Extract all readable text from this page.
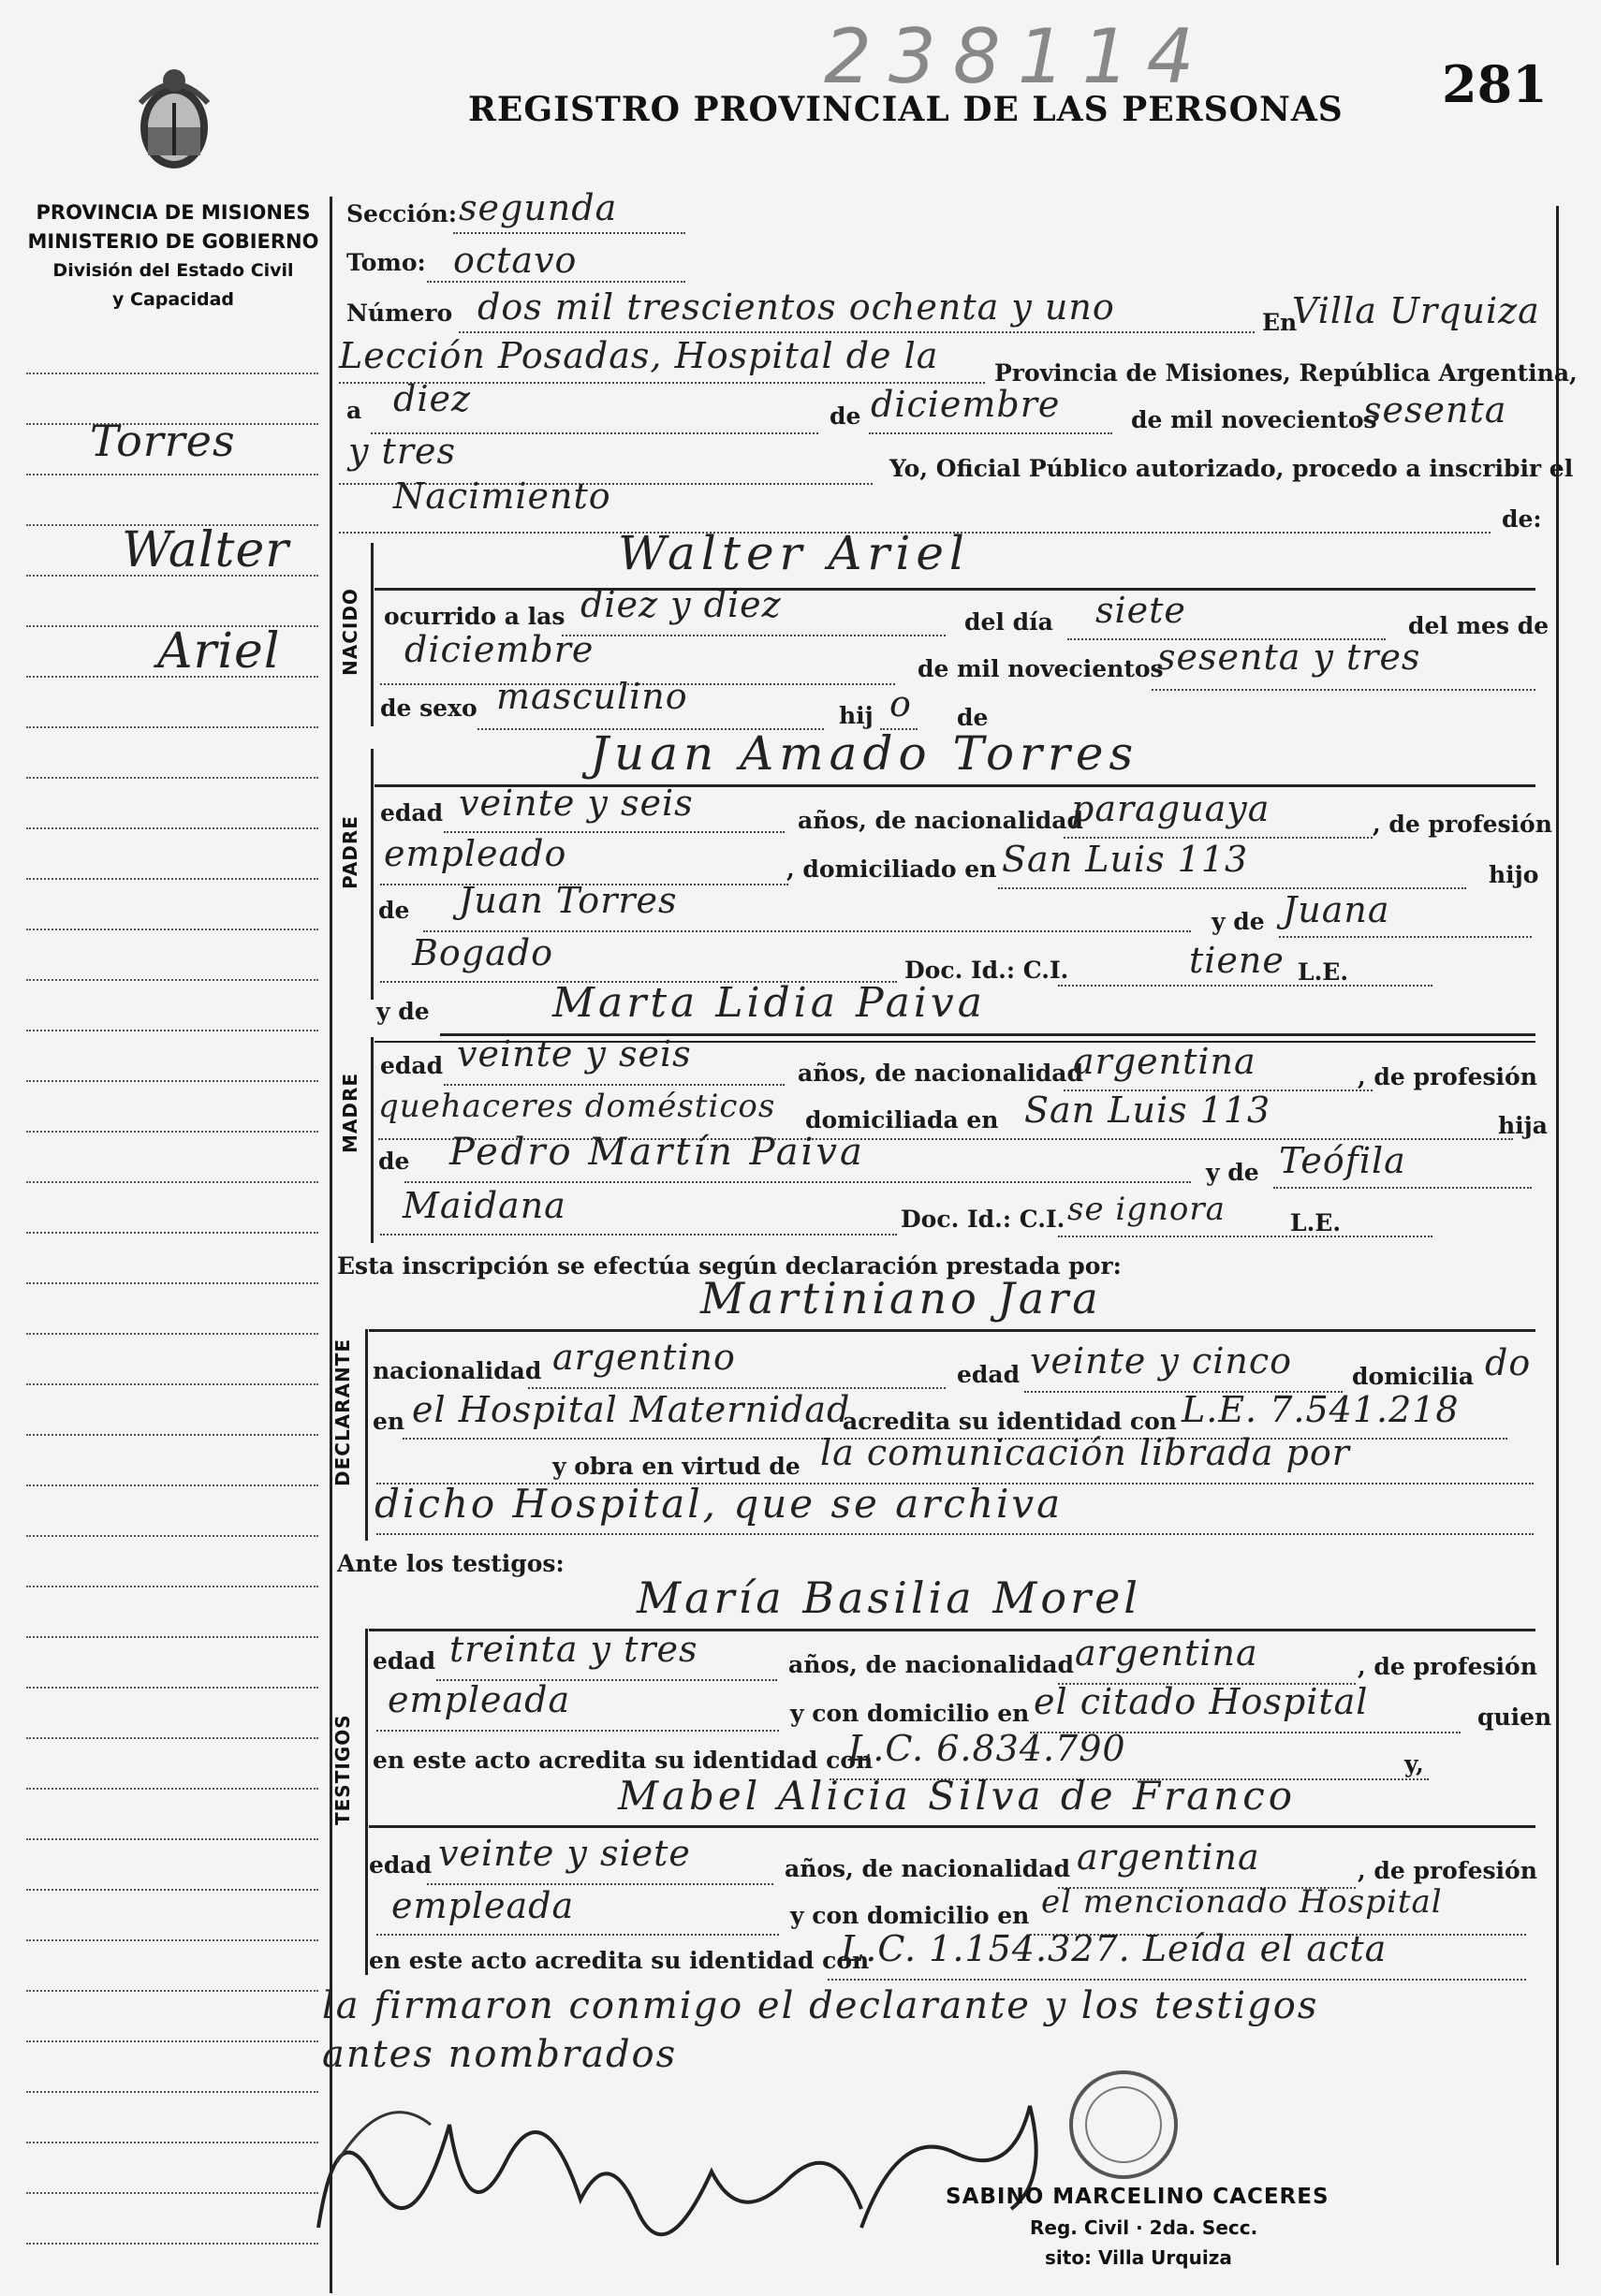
238114
REGISTRO PROVINCIAL DE LAS PERSONAS 281
PROVINCIA DE MISIONES
MINISTERIO DE GOBIERNO
División del Estado Civil
y Capacidad
Torres
Walter
Ariel
Sección: segunda
Tomo: octavo
Número dos mil trescientos ochenta y uno	En
Villa Urquiza
Lección Posadas, Hospital de la Provincia de Misiones, República Argentina,
a diez	de diciembre	de mil novecientos
sesenta
y tres	Yo, Oficial Público autorizado, procedo a inscribir el
Nacimiento
de:
NACIDO
Walter Ariel
ocurrido a las diez y diez	del día siete	del mes de
diciembre	de mil novecientos
sesenta y tres
de sexo masculino	hij o de
PADRE
Juan Amado Torres
edad veinte y seis	años, de nacionalidad
paraguaya	, de profesión
empleado	, domiciliado en San Luis 113	hijo
de Juan Torres
y de Juana
Bogado	Doc. Id.: C.I.	tiene L.E.
MADRE
y de	Marta Lidia Paiva
edad veinte y seis	años, de nacionalidad
argentina	, de profesión
quehaceres domésticos domiciliada en San Luis 113	hija
de Pedro Martín Paiva	y de Teófila
Maidana	Doc. Id.: C.I. se ignora	L.E.
Esta inscripción se efectúa según declaración prestada por:
DECLARANTE
Martiniano Jara
nacionalidad argentino	edad veinte y cinco	domicilia do
en el Hospital Maternidad
acredita su identidad con L.E. 7.541.218
y obra en virtud de la comunicación librada por
dicho Hospital, que se archiva
Ante los testigos:
TESTIGOS
María Basilia Morel
edad treinta y tres	años, de nacionalidad argentina	, de profesión
empleada	y con domicilio en el citado Hospital	quien
en este acto acredita su identidad con
L.C. 6.834.790	y,
Mabel Alicia Silva de Franco
edad veinte y siete	años, de nacionalidad argentina	, de profesión
empleada	y con domicilio en el mencionado Hospital
en este acto acredita su identidad con
L.C. 1.154.327. Leída el acta
la firmaron conmigo el declarante y los testigos
antes nombrados
SABINO MARCELINO CACERES
Reg. Civil · 2da. Secc.
sito: Villa Urquiza
